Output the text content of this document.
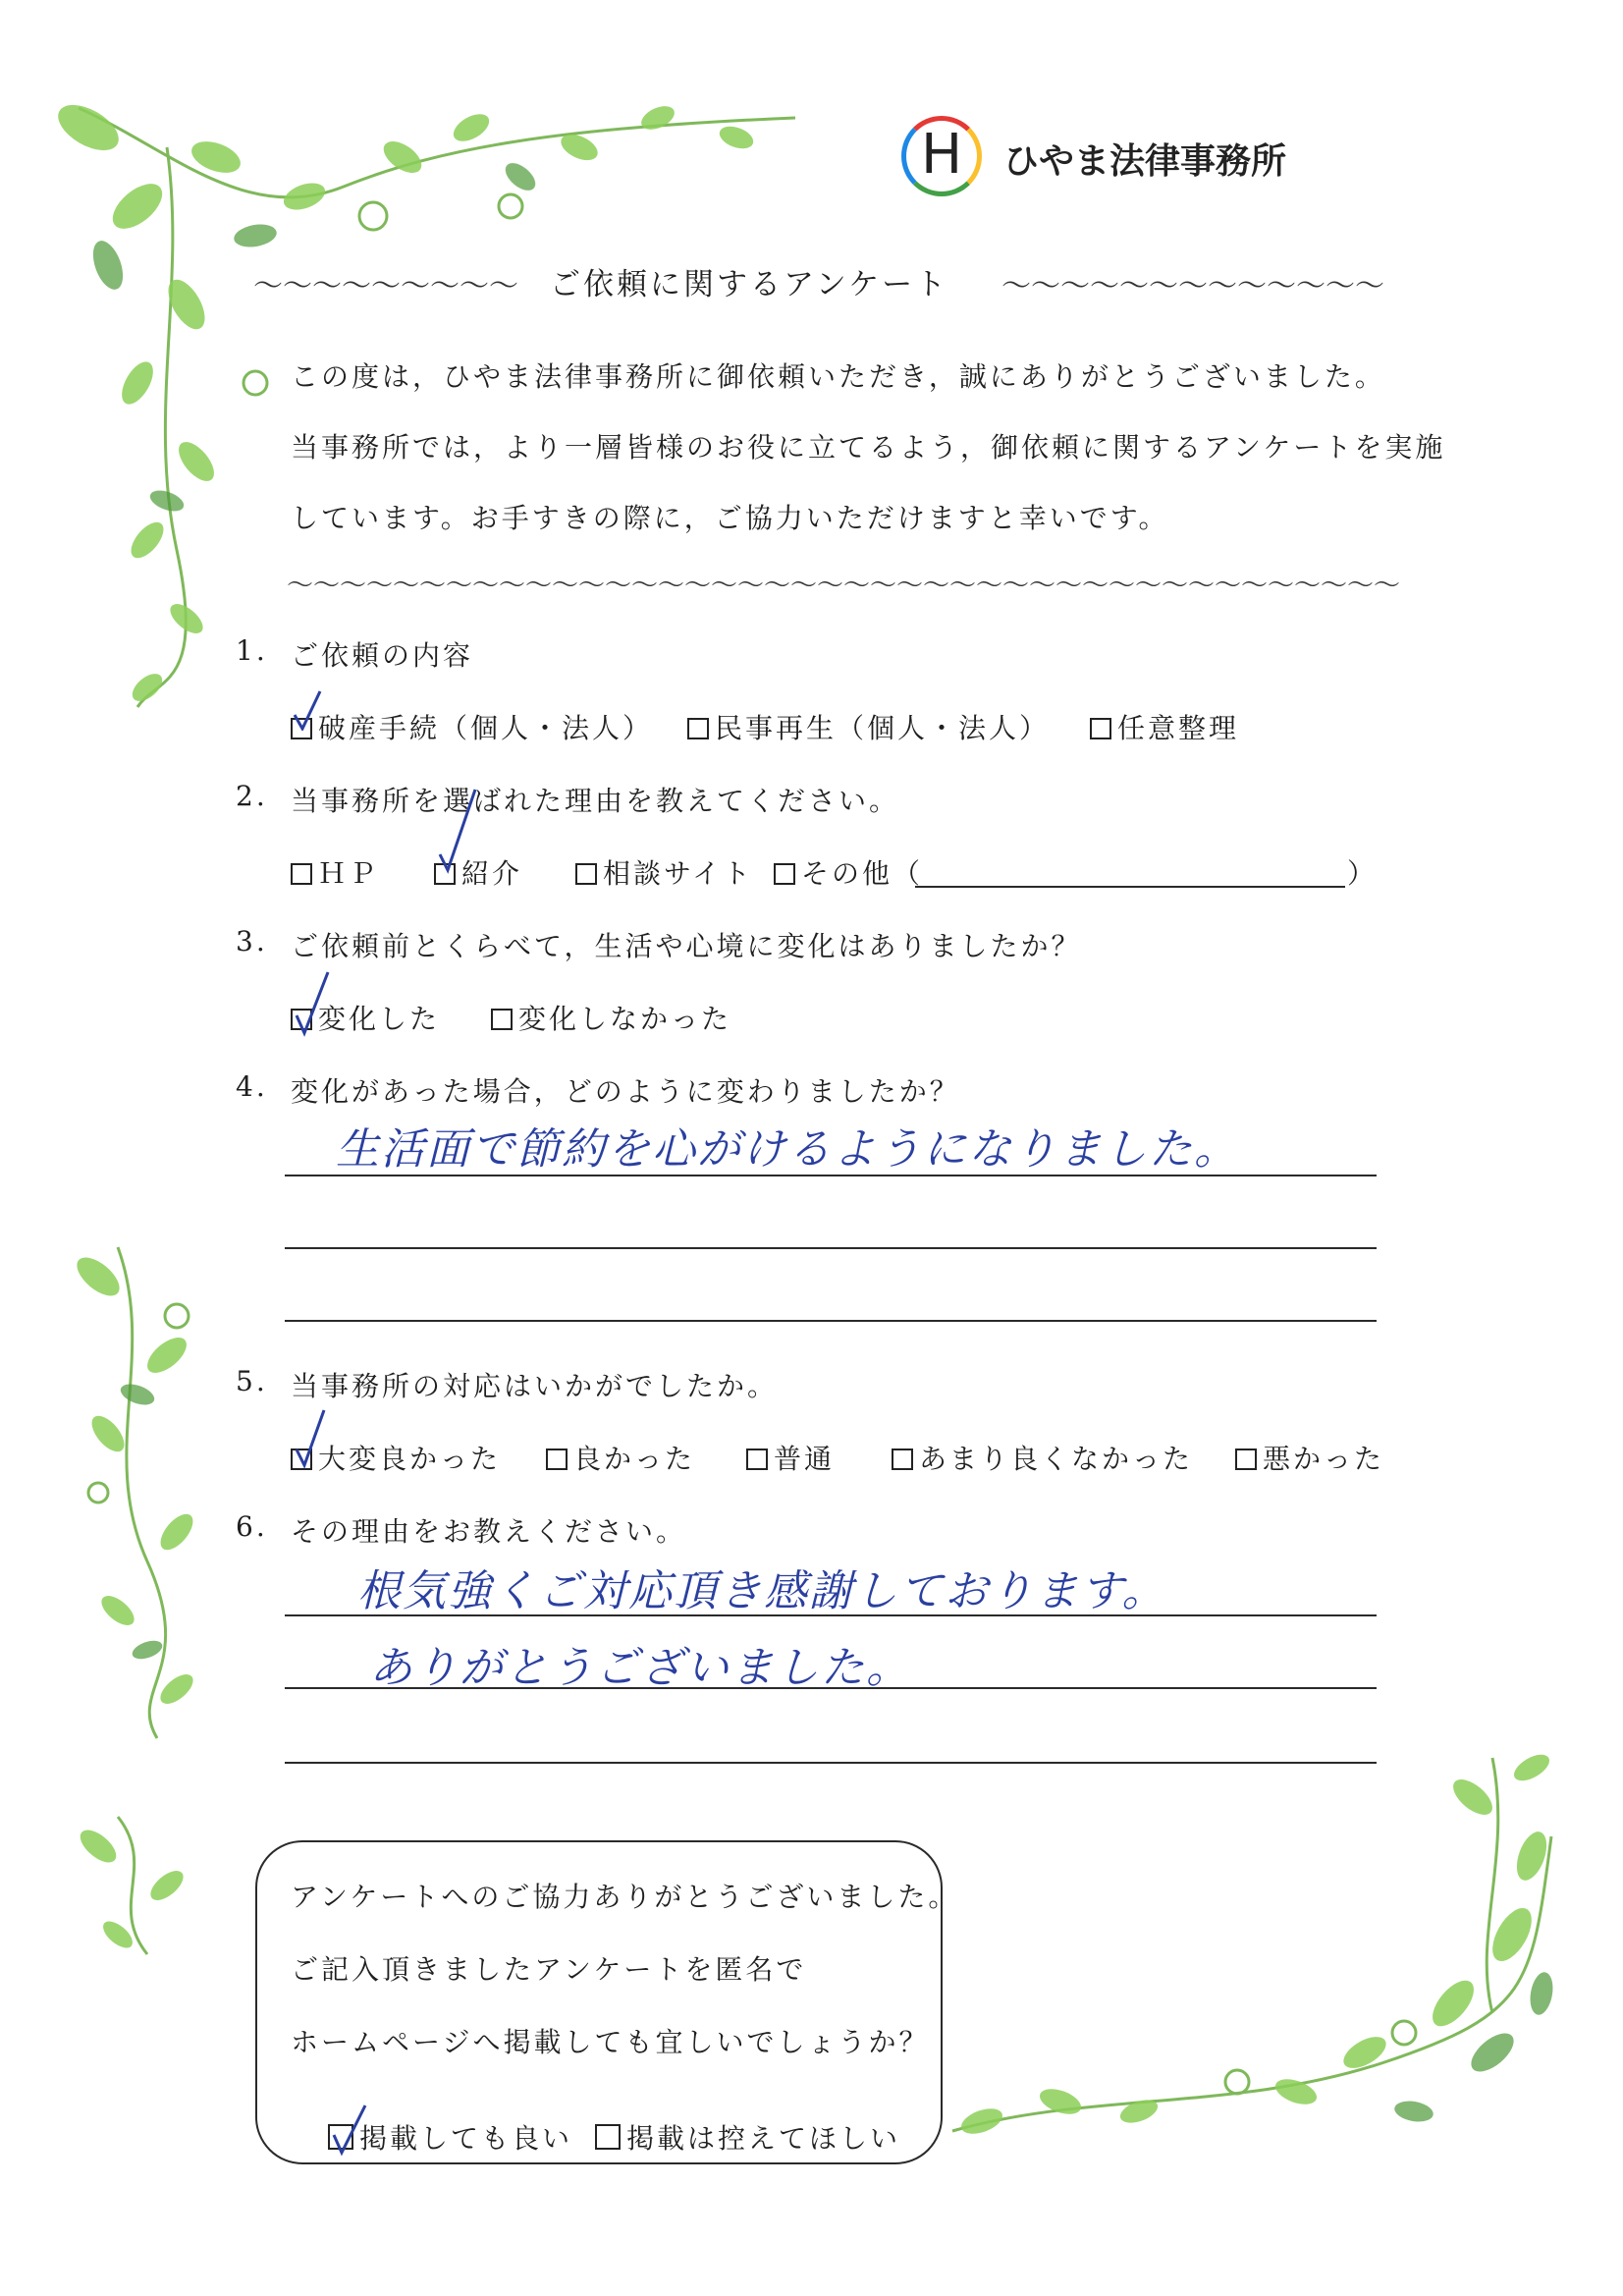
H	ひやま法律事務所
～～～～～～～～～ ご依頼に関するアンケート ～～～～～～～～～～～～～
この度は，ひやま法律事務所に御依頼いただき，誠にありがとうございました。
当事務所では，より一層皆様のお役に立てるよう，御依頼に関するアンケートを実施
しています。お手すきの際に，ご協力いただけますと幸いです。
～～～～～～～～～～～～～～～～～～～～～～～～～～～～～～～～～～～～～～～～～～
1. ご依頼の内容
破産手続（個人・法人）	民事再生（個人・法人）	任意整理
2. 当事務所を選ばれた理由を教えてください。
ＨＰ	紹介	相談サイト	その他（	）
3. ご依頼前とくらべて，生活や心境に変化はありましたか？
変化した	変化しなかった
4. 変化があった場合，どのように変わりましたか？
生活面で節約を心がけるようになりました。
5. 当事務所の対応はいかがでしたか。
大変良かった	良かった	普通	あまり良くなかった	悪かった
6. その理由をお教えください。
根気強くご対応頂き感謝しております。
ありがとうございました。
アンケートへのご協力ありがとうございました。
ご記入頂きましたアンケートを匿名で
ホームページへ掲載しても宜しいでしょうか？
掲載しても良い	掲載は控えてほしい
